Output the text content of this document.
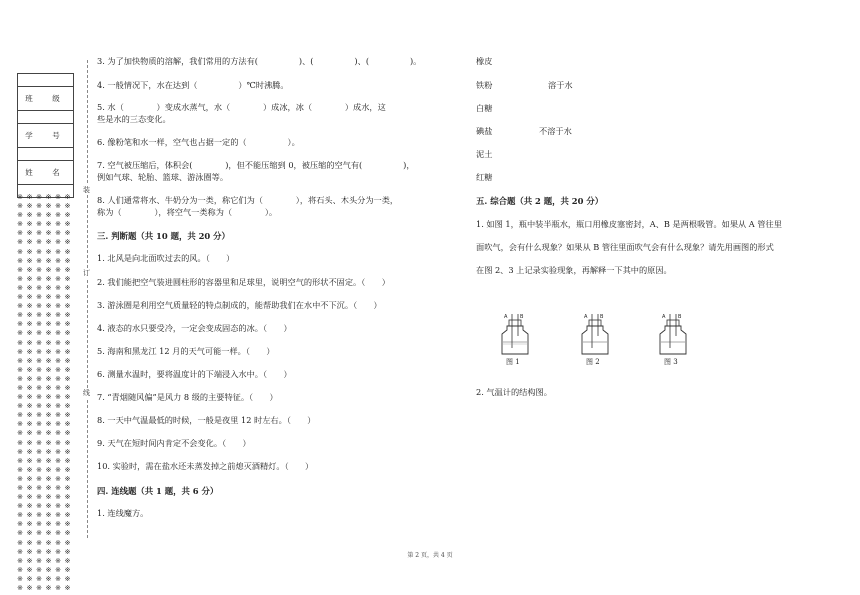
班　级

学　号

姓　名

※ ※ ※ ※ ※ ※
※ ※ ※ ※ ※ ※
※ ※ ※ ※ ※ ※
※ ※ ※ ※ ※ ※
※ ※ ※ ※ ※ ※
※ ※ ※ ※ ※ ※
※ ※ ※ ※ ※ ※
※ ※ ※ ※ ※ ※
※ ※ ※ ※ ※ ※
※ ※ ※ ※ ※ ※
※ ※ ※ ※ ※ ※
※ ※ ※ ※ ※ ※
※ ※ ※ ※ ※ ※
※ ※ ※ ※ ※ ※
※ ※ ※ ※ ※ ※
※ ※ ※ ※ ※ ※
※ ※ ※ ※ ※ ※
※ ※ ※ ※ ※ ※
※ ※ ※ ※ ※ ※
※ ※ ※ ※ ※ ※
※ ※ ※ ※ ※ ※
※ ※ ※ ※ ※ ※
※ ※ ※ ※ ※ ※
※ ※ ※ ※ ※ ※
※ ※ ※ ※ ※ ※
※ ※ ※ ※ ※ ※
※ ※ ※ ※ ※ ※
※ ※ ※ ※ ※ ※
※ ※ ※ ※ ※ ※
※ ※ ※ ※ ※ ※
※ ※ ※ ※ ※ ※
※ ※ ※ ※ ※ ※
※ ※ ※ ※ ※ ※
※ ※ ※ ※ ※ ※
※ ※ ※ ※ ※ ※
※ ※ ※ ※ ※ ※
※ ※ ※ ※ ※ ※
※ ※ ※ ※ ※ ※
※ ※ ※ ※ ※ ※
※ ※ ※ ※ ※ ※
※ ※ ※ ※ ※ ※
※ ※ ※ ※ ※ ※
※ ※ ※ ※ ※ ※
※ ※ ※ ※ ※ ※
装
订
线
3. 为了加快物质的溶解，我们常用的方法有(　　　　　)、(　　　　　)、(　　　　　)。
4. 一般情况下，水在达到（　　　　　）℃时沸腾。
5. 水（　　　　）变成水蒸气，水（　　　　）成冰，冰（　　　　）成水，这
些是水的三态变化。
6. 像粉笔和水一样，空气也占据一定的（　　　　　）。
7. 空气被压缩后，体积会(　　　　)，但不能压缩到 0，被压缩的空气有(　　　　　)，
例如气球、轮胎、篮球、游泳圈等。
8. 人们通常将水、牛奶分为一类，称它们为（　　　　），将石头、木头分为一类，
称为（　　　　），将空气一类称为（　　　　）。
三. 判断题（共 10 题，共 20 分）
1. 北风是向北面吹过去的风。（　　）
2. 我们能把空气装进圆柱形的容器里和足球里，说明空气的形状不固定。（　　）
3. 游泳圈是利用空气质量轻的特点制成的，能帮助我们在水中不下沉。（　　）
4. 液态的水只要受冷，一定会变成固态的冰。（　　）
5. 海南和黑龙江 12 月的天气可能一样。（　　）
6. 测量水温时，要将温度计的下端浸入水中。（　　）
7. “青烟随风偏”是风力 8 级的主要特征。（　　）
8. 一天中气温最低的时候，一般是夜里 12 时左右。（　　）
9. 天气在短时间内肯定不会变化。（　　）
10. 实验时，需在盐水还未蒸发掉之前熄灭酒精灯。（　　）
四. 连线题（共 1 题，共 6 分）
1. 连线魔方。
橡皮
铁粉	溶于水
白糖
碘盐	不溶于水
泥土
红糖
五. 综合题（共 2 题，共 20 分）
1. 如图 1，瓶中装半瓶水，瓶口用橡皮塞密封，A、B 是两根吸管。如果从 A 管往里
面吹气，会有什么现象？如果从 B 管往里面吹气会有什么现象？请先用画图的形式
在图 2、3 上记录实验现象，再解释一下其中的原因。
A	B	A	B	A	B
图 1	图 2	图 3
2. 气温计的结构图。
第 2 页，共 4 页
